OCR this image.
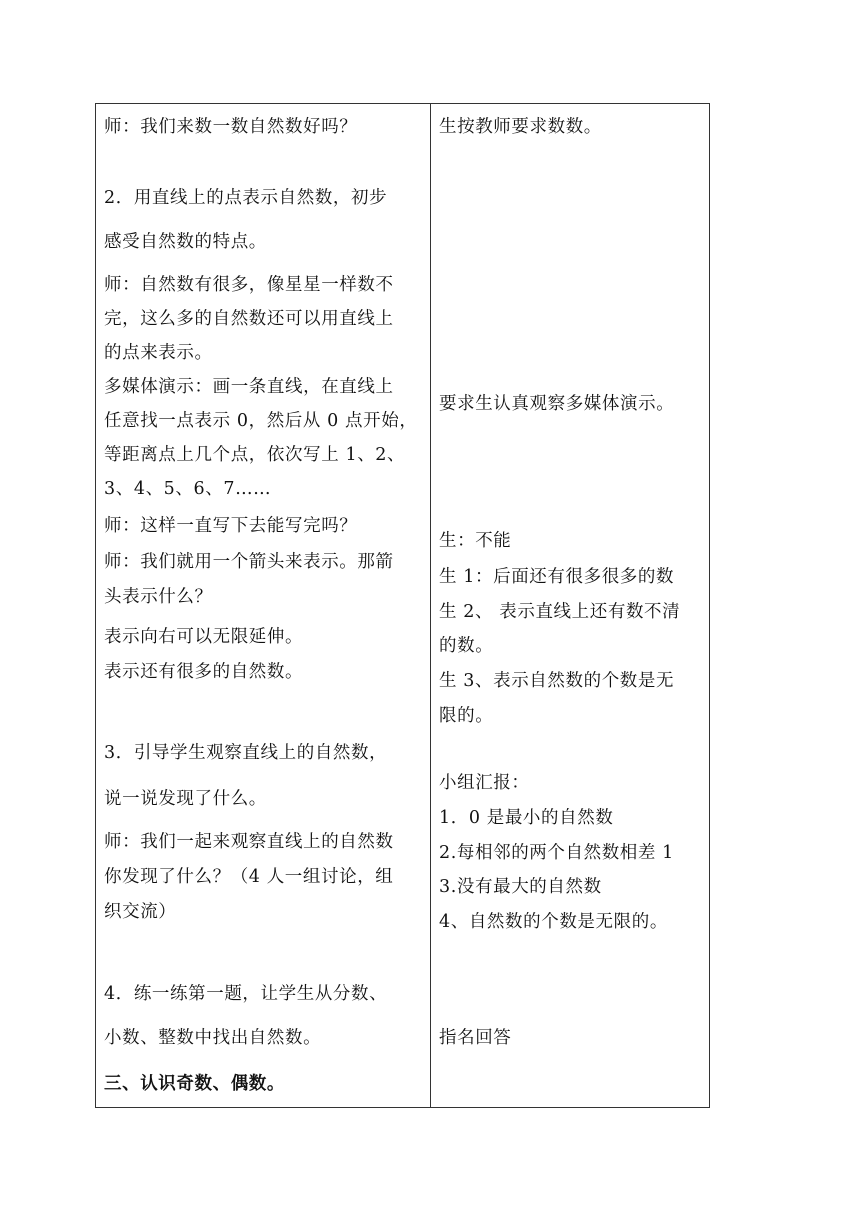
师：我们来数一数自然数好吗？
2．用直线上的点表示自然数，初步
感受自然数的特点。
师：自然数有很多，像星星一样数不
完，这么多的自然数还可以用直线上
的点来表示。
多媒体演示：画一条直线，在直线上
任意找一点表示 0，然后从 0 点开始，
等距离点上几个点，依次写上 1、2、
3、4、5、6、7……
师：这样一直写下去能写完吗？
师：我们就用一个箭头来表示。那箭
头表示什么？
表示向右可以无限延伸。
表示还有很多的自然数。
3．引导学生观察直线上的自然数，
说一说发现了什么。
师：我们一起来观察直线上的自然数
你发现了什么？（4 人一组讨论，组
织交流）
4．练一练第一题，让学生从分数、
小数、整数中找出自然数。
三、认识奇数、偶数。
生按教师要求数数。
要求生认真观察多媒体演示。
生：不能
生 1：后面还有很多很多的数
生 2、 表示直线上还有数不清
的数。
生 3、表示自然数的个数是无
限的。
小组汇报：
1．0 是最小的自然数
2.每相邻的两个自然数相差 1
3.没有最大的自然数
4、自然数的个数是无限的。
指名回答
